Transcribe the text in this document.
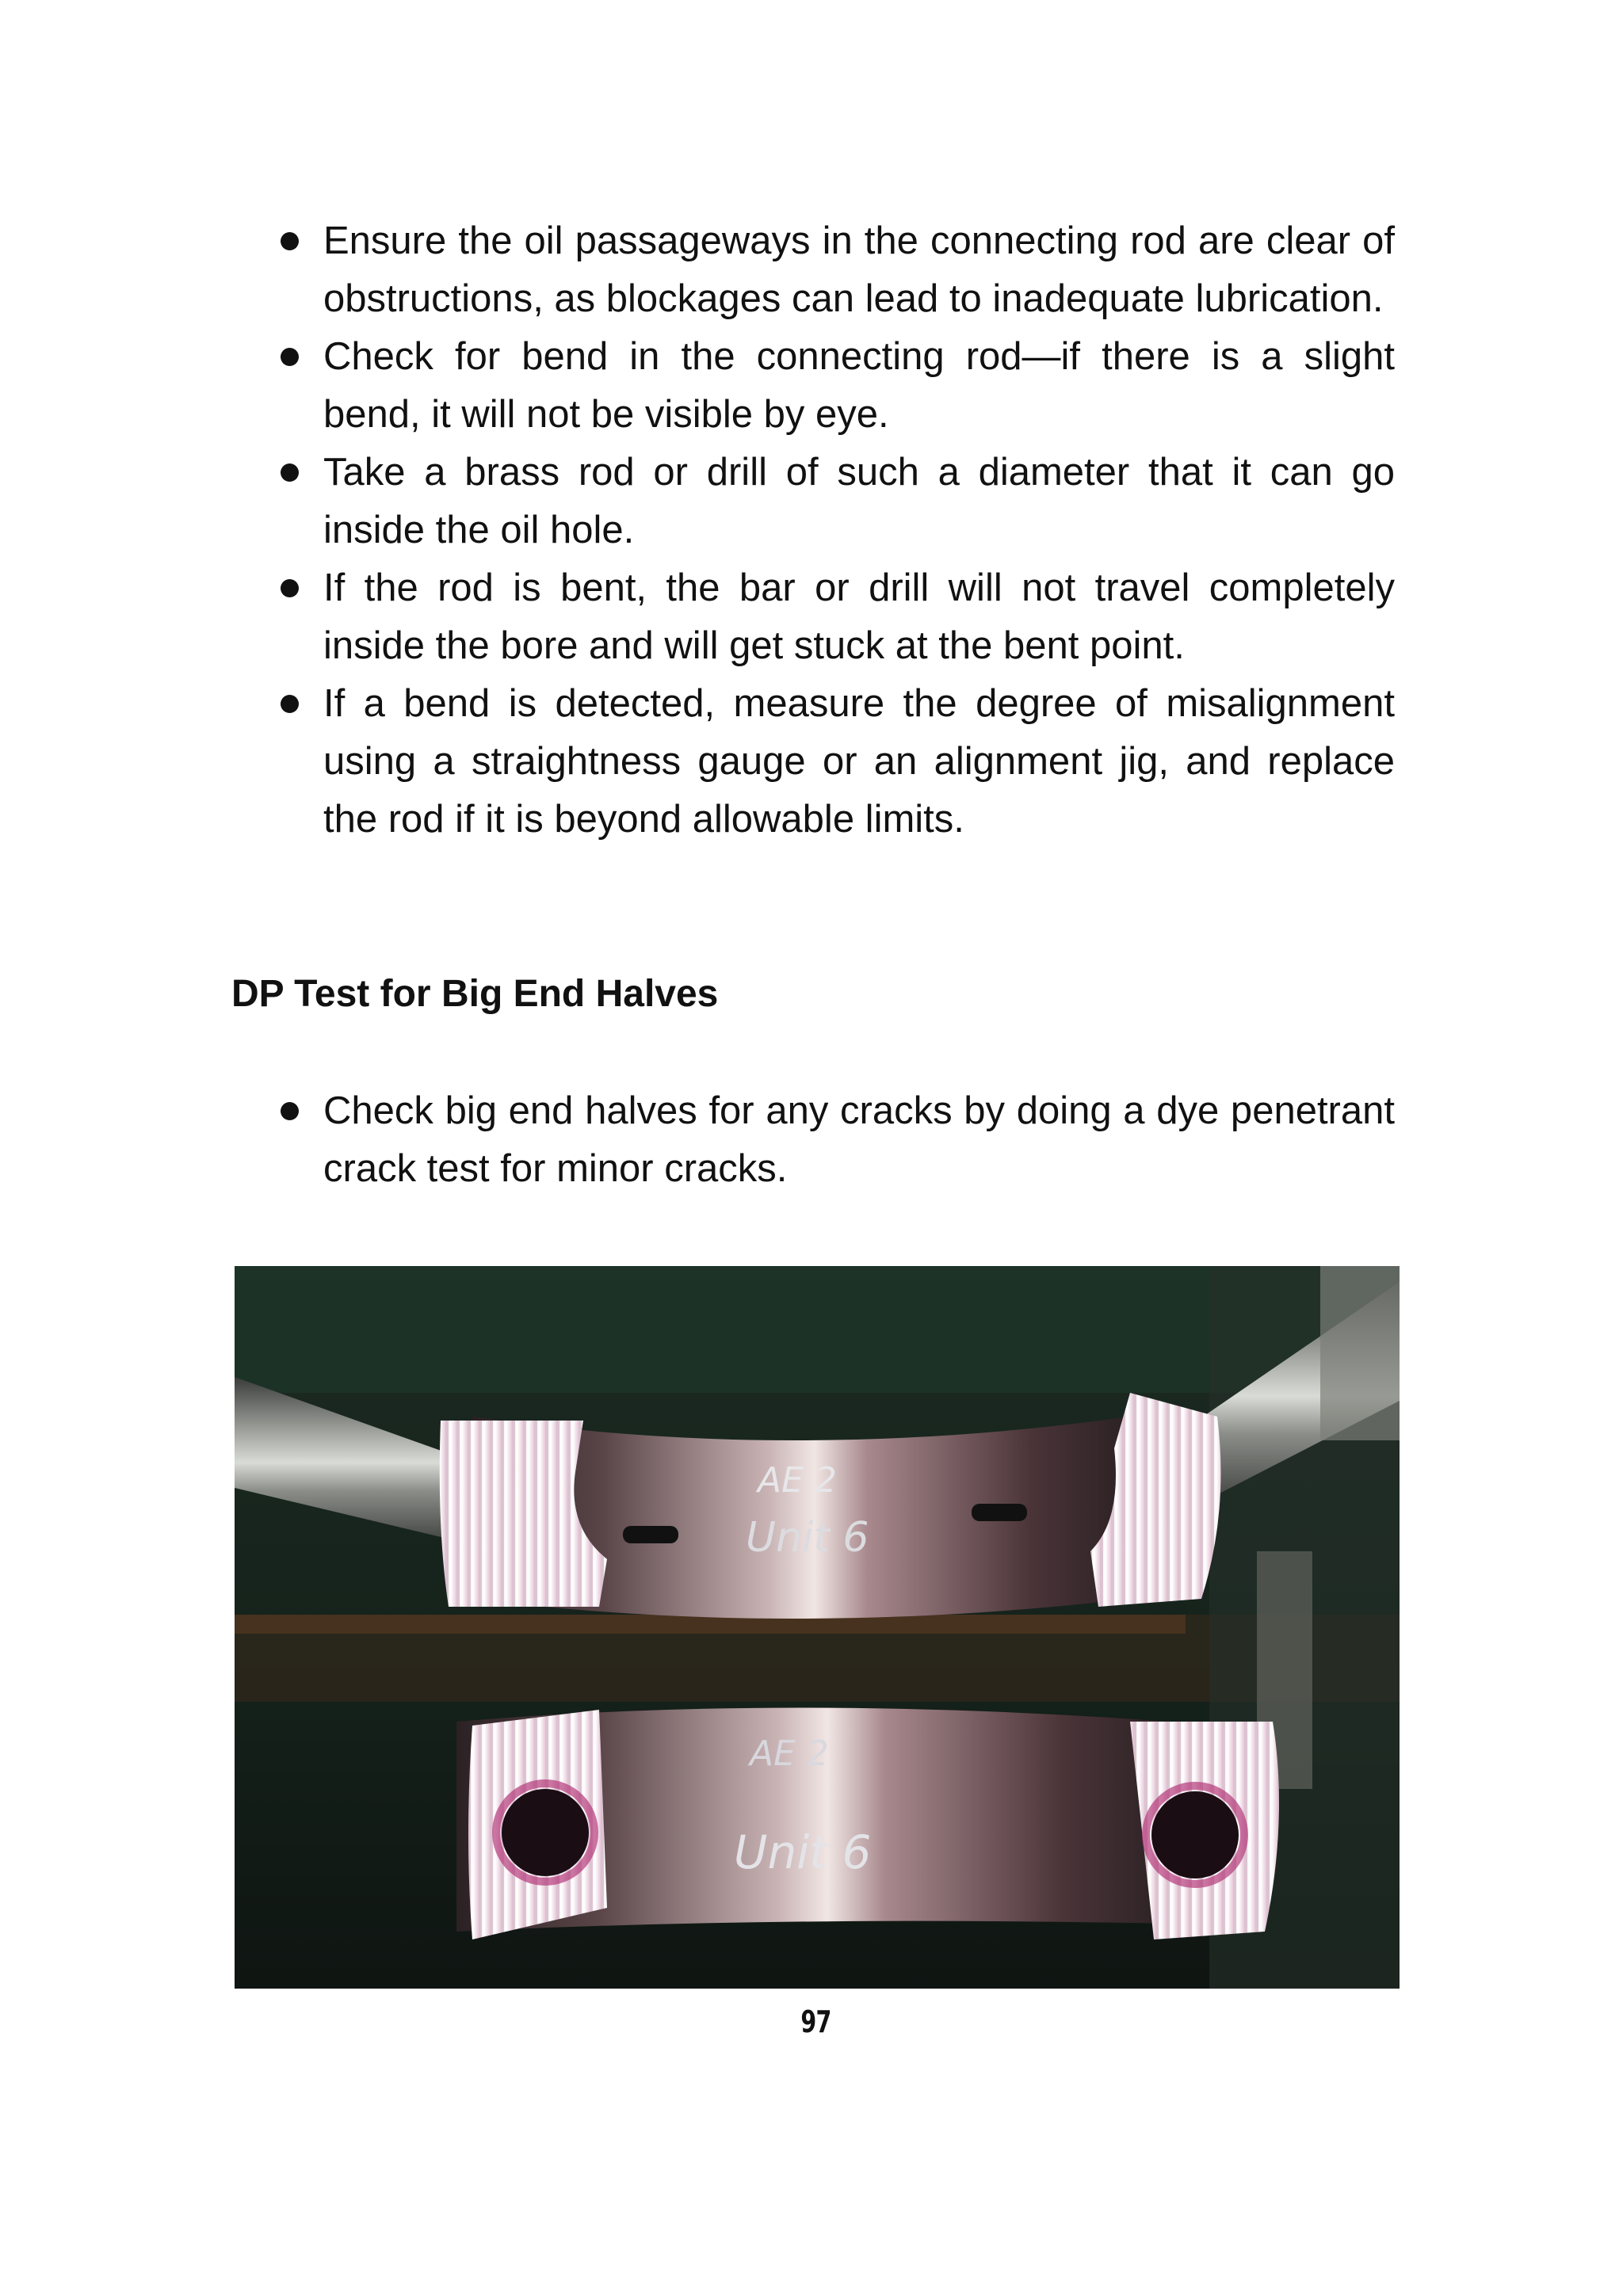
Ensure the oil passageways in the connecting rod are clear of obstructions, as blockages can lead to inadequate lubrication.
Check for bend in the connecting rod—if there is a slight bend, it will not be visible by eye.
Take a brass rod or drill of such a diameter that it can go inside the oil hole.
If the rod is bent, the bar or drill will not travel completely inside the bore and will get stuck at the bent point.
If a bend is detected, measure the degree of misalignment using a straightness gauge or an alignment jig, and replace the rod if it is beyond allowable limits.
DP Test for Big End Halves
Check big end halves for any cracks by doing a dye penetrant crack test for minor cracks.
AE 2
Unit 6
AE 2
Unit 6
97
